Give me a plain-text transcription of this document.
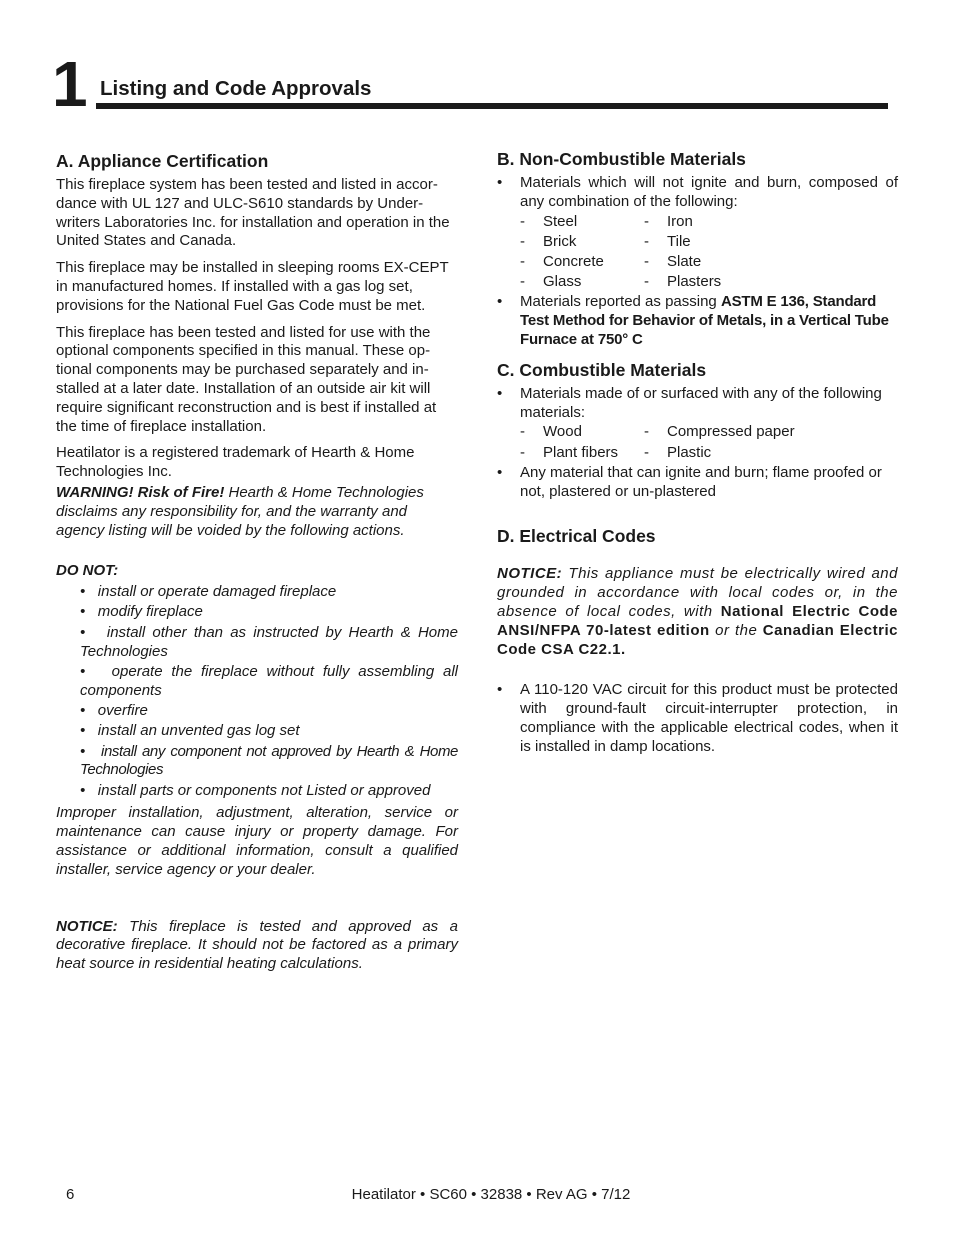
1 Listing and Code Approvals
A. Appliance Certification

This fireplace system has been tested and listed in accor-dance with UL 127 and ULC-S610 standards by Under-writers Laboratories Inc. for installation and operation in the United States and Canada.

This fireplace may be installed in sleeping rooms EX-CEPT in manufactured homes. If installed with a gas log set, provisions for the National Fuel Gas Code must be met.

This fireplace has been tested and listed for use with the optional components specified in this manual. These op-tional components may be purchased separately and in-stalled at a later date. Installation of an outside air kit will require significant reconstruction and is best if installed at the time of fireplace installation.

Heatilator is a registered trademark of Hearth & Home Technologies Inc.

WARNING! Risk of Fire! Hearth & Home Technologies disclaims any responsibility for, and the warranty and agency listing will be voided by the following actions.

DO NOT:

•   install or operate damaged fireplace
•   modify fireplace
•   install other than as instructed by Hearth & Home Technologies
•   operate the fireplace without fully assembling all components
•   overfire
•   install an unvented gas log set
•   install any component not approved by Hearth & Home Technologies
•   install parts or components not Listed or approved

Improper installation, adjustment, alteration, service or maintenance can cause injury or property damage. For assistance or additional information, consult a qualified installer, service agency or your dealer.

NOTICE: This fireplace is tested and approved as a decorative fireplace. It should not be factored as a primary heat source in residential heating calculations.

B. Non-Combustible Materials
• Materials which will not ignite and burn, composed of any combination of the following:
- Steel	- Iron
- Brick	- Tile
- Concrete	- Slate
- Glass	- Plasters
• Materials reported as passing ASTM E 136, Standard Test Method for Behavior of Metals, in a Vertical Tube Furnace at 750° C
C. Combustible Materials
• Materials made of or surfaced with any of the following materials:
- Wood	- Compressed paper
- Plant fibers	- Plastic
• Any material that can ignite and burn; flame proofed or not, plastered or un-plastered
D. Electrical Codes

NOTICE: This appliance must be electrically wired and grounded in accordance with local codes or, in the absence of local codes, with National Electric Code ANSI/NFPA 70-latest edition or the Canadian Electric Code CSA C22.1.

• A 110-120 VAC circuit for this product must be protected with ground-fault circuit-interrupter protection, in compliance with the applicable electrical codes, when it is installed in damp locations.
6	Heatilator • SC60 • 32838 • Rev AG • 7/12
